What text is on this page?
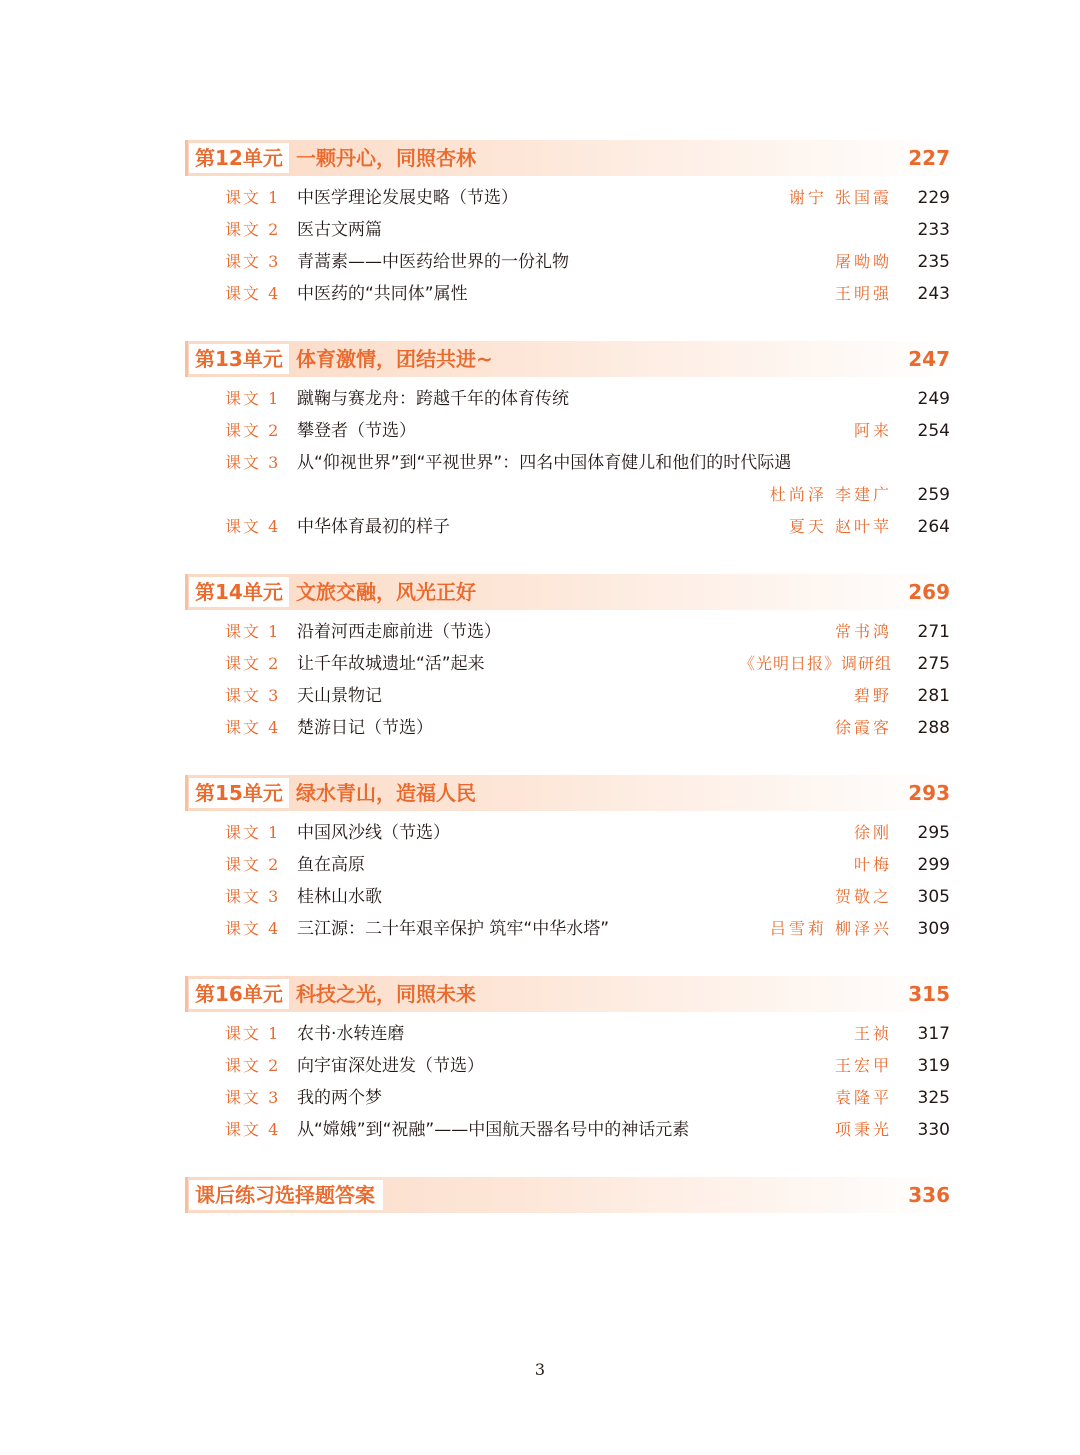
第12单元 一颗丹心，同照杏林	227
课文 1 中医学理论发展史略（节选）	谢宁 张国霞 229
课文 2 医古文两篇	233
课文 3 青蒿素——中医药给世界的一份礼物	屠呦呦 235
课文 4 中医药的“共同体”属性	王明强 243
第13单元 体育激情，团结共进~	247
课文 1 蹴鞠与赛龙舟：跨越千年的体育传统	249
课文 2 攀登者（节选）	阿来 254
课文 3 从“仰视世界”到“平视世界”：四名中国体育健儿和他们的时代际遇
杜尚泽 李建广 259
课文 4 中华体育最初的样子	夏天 赵叶苹 264
第14单元 文旅交融，风光正好	269
课文 1 沿着河西走廊前进（节选）	常书鸿 271
课文 2 让千年故城遗址“活”起来	《光明日报》调研组 275
课文 3 天山景物记	碧野 281
课文 4 楚游日记（节选）	徐霞客 288
第15单元 绿水青山，造福人民	293
课文 1 中国风沙线（节选）	徐刚 295
课文 2 鱼在高原	叶梅 299
课文 3 桂林山水歌	贺敬之 305
课文 4 三江源：二十年艰辛保护 筑牢“中华水塔”	吕雪莉 柳泽兴 309
第16单元 科技之光，同照未来	315
课文 1 农书·水转连磨	王祯 317
课文 2 向宇宙深处进发（节选）	王宏甲 319
课文 3 我的两个梦	袁隆平 325
课文 4 从“嫦娥”到“祝融”——中国航天器名号中的神话元素	项秉光 330
课后练习选择题答案	336
3
